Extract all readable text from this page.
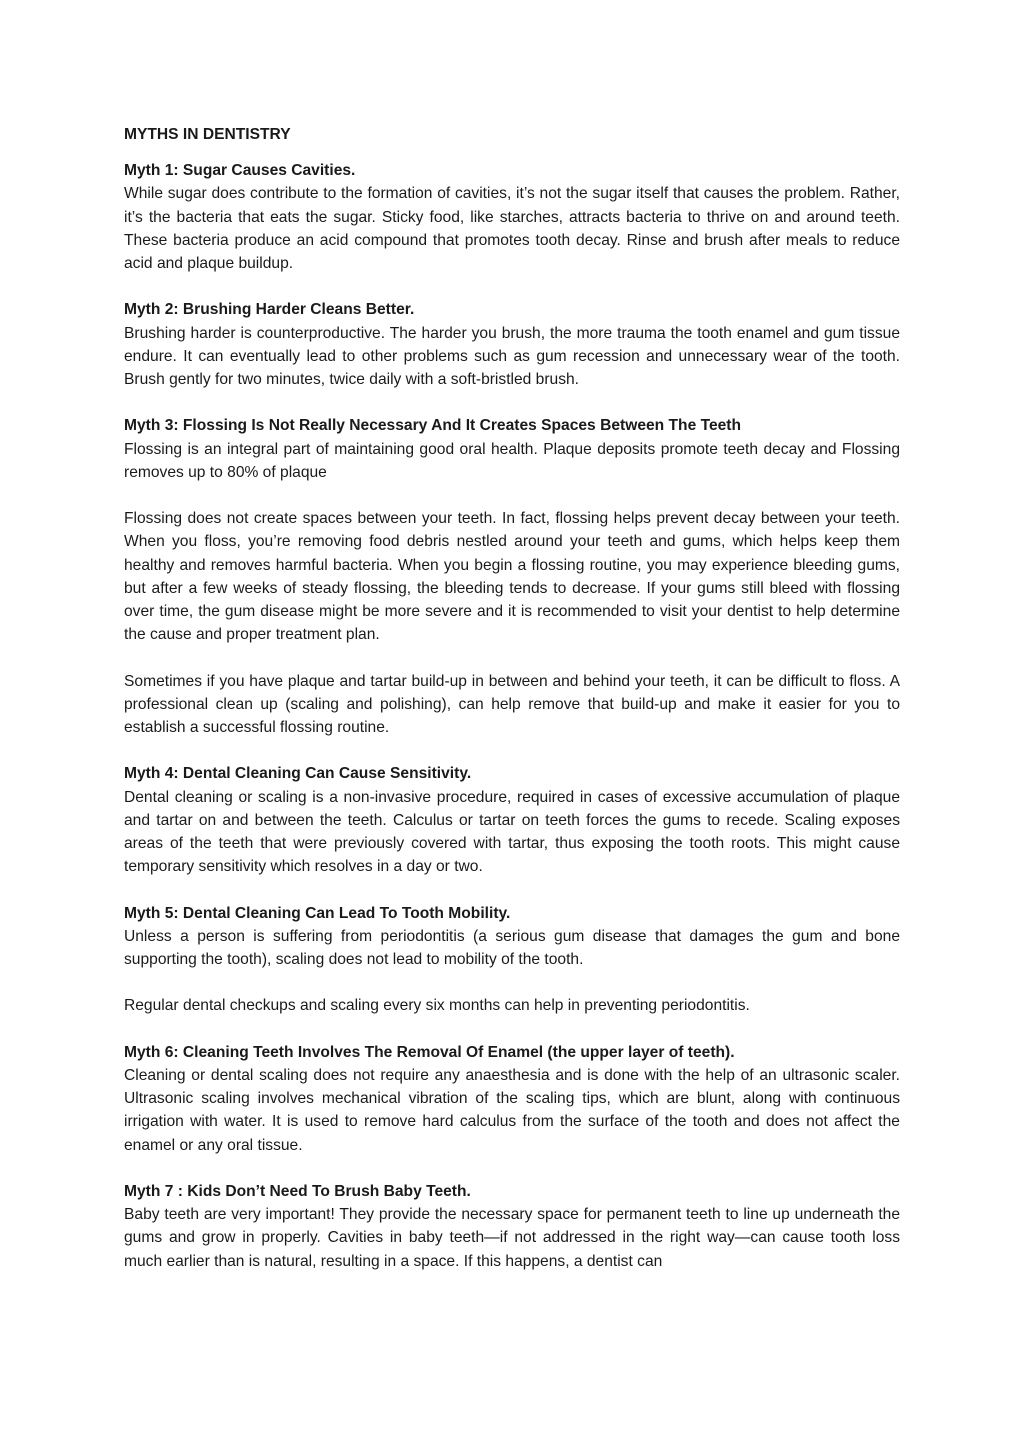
MYTHS IN DENTISTRY
Myth 1: Sugar Causes Cavities.

While sugar does contribute to the formation of cavities, it’s not the sugar itself that causes the problem. Rather, it’s the bacteria that eats the sugar. Sticky food, like starches, attracts bacteria to thrive on and around teeth. These bacteria produce an acid compound that promotes tooth decay. Rinse and brush after meals to reduce acid and plaque buildup.

Myth 2: Brushing Harder Cleans Better.

Brushing harder is counterproductive. The harder you brush, the more trauma the tooth enamel and gum tissue endure. It can eventually lead to other problems such as gum recession and unnecessary wear of the tooth. Brush gently for two minutes, twice daily with a soft-bristled brush.

Myth 3: Flossing Is Not Really Necessary And It Creates Spaces Between The Teeth

Flossing is an integral part of maintaining good oral health. Plaque deposits promote teeth decay and Flossing removes up to 80% of plaque

Flossing does not create spaces between your teeth. In fact, flossing helps prevent decay between your teeth. When you floss, you’re removing food debris nestled around your teeth and gums, which helps keep them healthy and removes harmful bacteria. When you begin a flossing routine, you may experience bleeding gums, but after a few weeks of steady flossing, the bleeding tends to decrease. If your gums still bleed with flossing over time, the gum disease might be more severe and it is recommended to visit your dentist to help determine the cause and proper treatment plan.

Sometimes if you have plaque and tartar build-up in between and behind your teeth, it can be difficult to floss. A professional clean up (scaling and polishing), can help remove that build-up and make it easier for you to establish a successful flossing routine.

Myth 4: Dental Cleaning Can Cause Sensitivity.

Dental cleaning or scaling is a non-invasive procedure, required in cases of excessive accumulation of plaque and tartar on and between the teeth. Calculus or tartar on teeth forces the gums to recede. Scaling exposes areas of the teeth that were previously covered with tartar, thus exposing the tooth roots. This might cause temporary sensitivity which resolves in a day or two.

Myth 5: Dental Cleaning Can Lead To Tooth Mobility.

Unless a person is suffering from periodontitis (a serious gum disease that damages the gum and bone supporting the tooth), scaling does not lead to mobility of the tooth.

Regular dental checkups and scaling every six months can help in preventing periodontitis.

Myth 6: Cleaning Teeth Involves The Removal Of Enamel (the upper layer of teeth).

Cleaning or dental scaling does not require any anaesthesia and is done with the help of an ultrasonic scaler. Ultrasonic scaling involves mechanical vibration of the scaling tips, which are blunt, along with continuous irrigation with water. It is used to remove hard calculus from the surface of the tooth and does not affect the enamel or any oral tissue.

Myth 7 : Kids Don’t Need To Brush Baby Teeth.

Baby teeth are very important! They provide the necessary space for permanent teeth to line up underneath the gums and grow in properly. Cavities in baby teeth—if not addressed in the right way—can cause tooth loss much earlier than is natural, resulting in a space. If this happens, a dentist can
